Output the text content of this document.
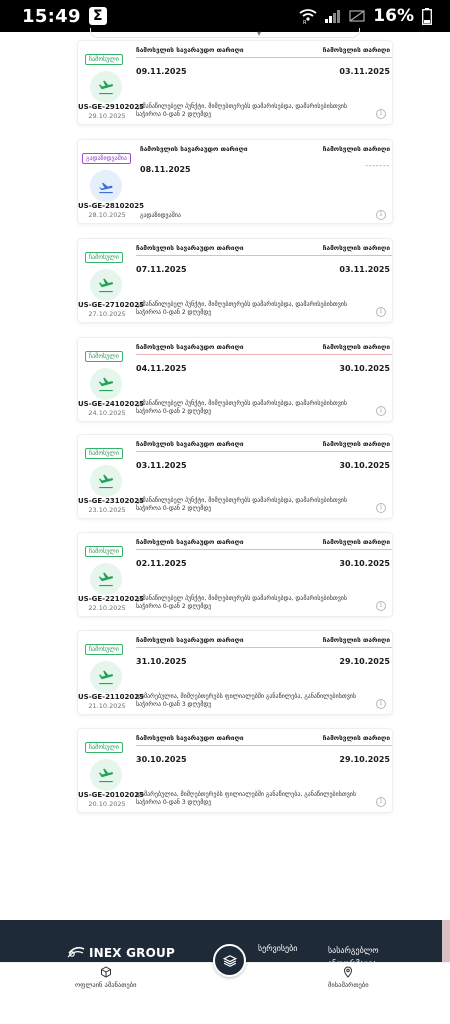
15:49 Σ	R	16%
▾
ჩამოსული
US-GE-29102025
29.10.2025
ჩამოსვლის სავარაუდო თარიღი	ჩამოსვლის თარიღი
09.11.2025	03.11.2025
გამანაწილებელ პუნქტი, მიმღებთერებს დამარისებდა, დამარისებისთვის საჭიროა 0-დან 2 დღემდე	i
გადაზიდვაშია
US-GE-28102025
28.10.2025
ჩამოსვლის სავარაუდო თარიღი	ჩამოსვლის თარიღი
08.11.2025	-------
გადაზიდვაშია	i
ჩამოსული
US-GE-27102025
27.10.2025
ჩამოსვლის სავარაუდო თარიღი	ჩამოსვლის თარიღი
07.11.2025	03.11.2025
გამანაწილებელ პუნქტი, მიმღებთერებს დამარისებდა, დამარისებისთვის საჭიროა 0-დან 2 დღემდე	i
ჩამოსული
US-GE-24102025
24.10.2025
ჩამოსვლის სავარაუდო თარიღი	ჩამოსვლის თარიღი
04.11.2025	30.10.2025
გამანაწილებელ პუნქტი, მიმღებთერებს დამარისებდა, დამარისებისთვის საჭიროა 0-დან 2 დღემდე	i
ჩამოსული
US-GE-23102025
23.10.2025
ჩამოსვლის სავარაუდო თარიღი	ჩამოსვლის თარიღი
03.11.2025	30.10.2025
გამანაწილებელ პუნქტი, მიმღებთერებს დამარისებდა, დამარისებისთვის საჭიროა 0-დან 2 დღემდე	i
ჩამოსული
US-GE-22102025
22.10.2025
ჩამოსვლის სავარაუდო თარიღი	ჩამოსვლის თარიღი
02.11.2025	30.10.2025
გამანაწილებელ პუნქტი, მიმღებთერებს დამარისებდა, დამარისებისთვის საჭიროა 0-დან 2 დღემდე	i
ჩამოსული
US-GE-21102025
21.10.2025
ჩამოსვლის სავარაუდო თარიღი	ჩამოსვლის თარიღი
31.10.2025	29.10.2025
დამარებულია, მიმღებთერებს ფილიალებში განაწილება, განაწილებისთვის საჭიროა 0-დან 3 დღემდე	i
ჩამოსული
US-GE-20102025
20.10.2025
ჩამოსვლის სავარაუდო თარიღი	ჩამოსვლის თარიღი
30.10.2025	29.10.2025
დამარებულია, მიმღებთერებს ფილიალებში განაწილება, განაწილებისთვის საჭიროა 0-დან 3 დღემდე	i
INEX GROUP	სერვისები	სასარგებლო
ოფლაინ ამანათები	მისამართები
